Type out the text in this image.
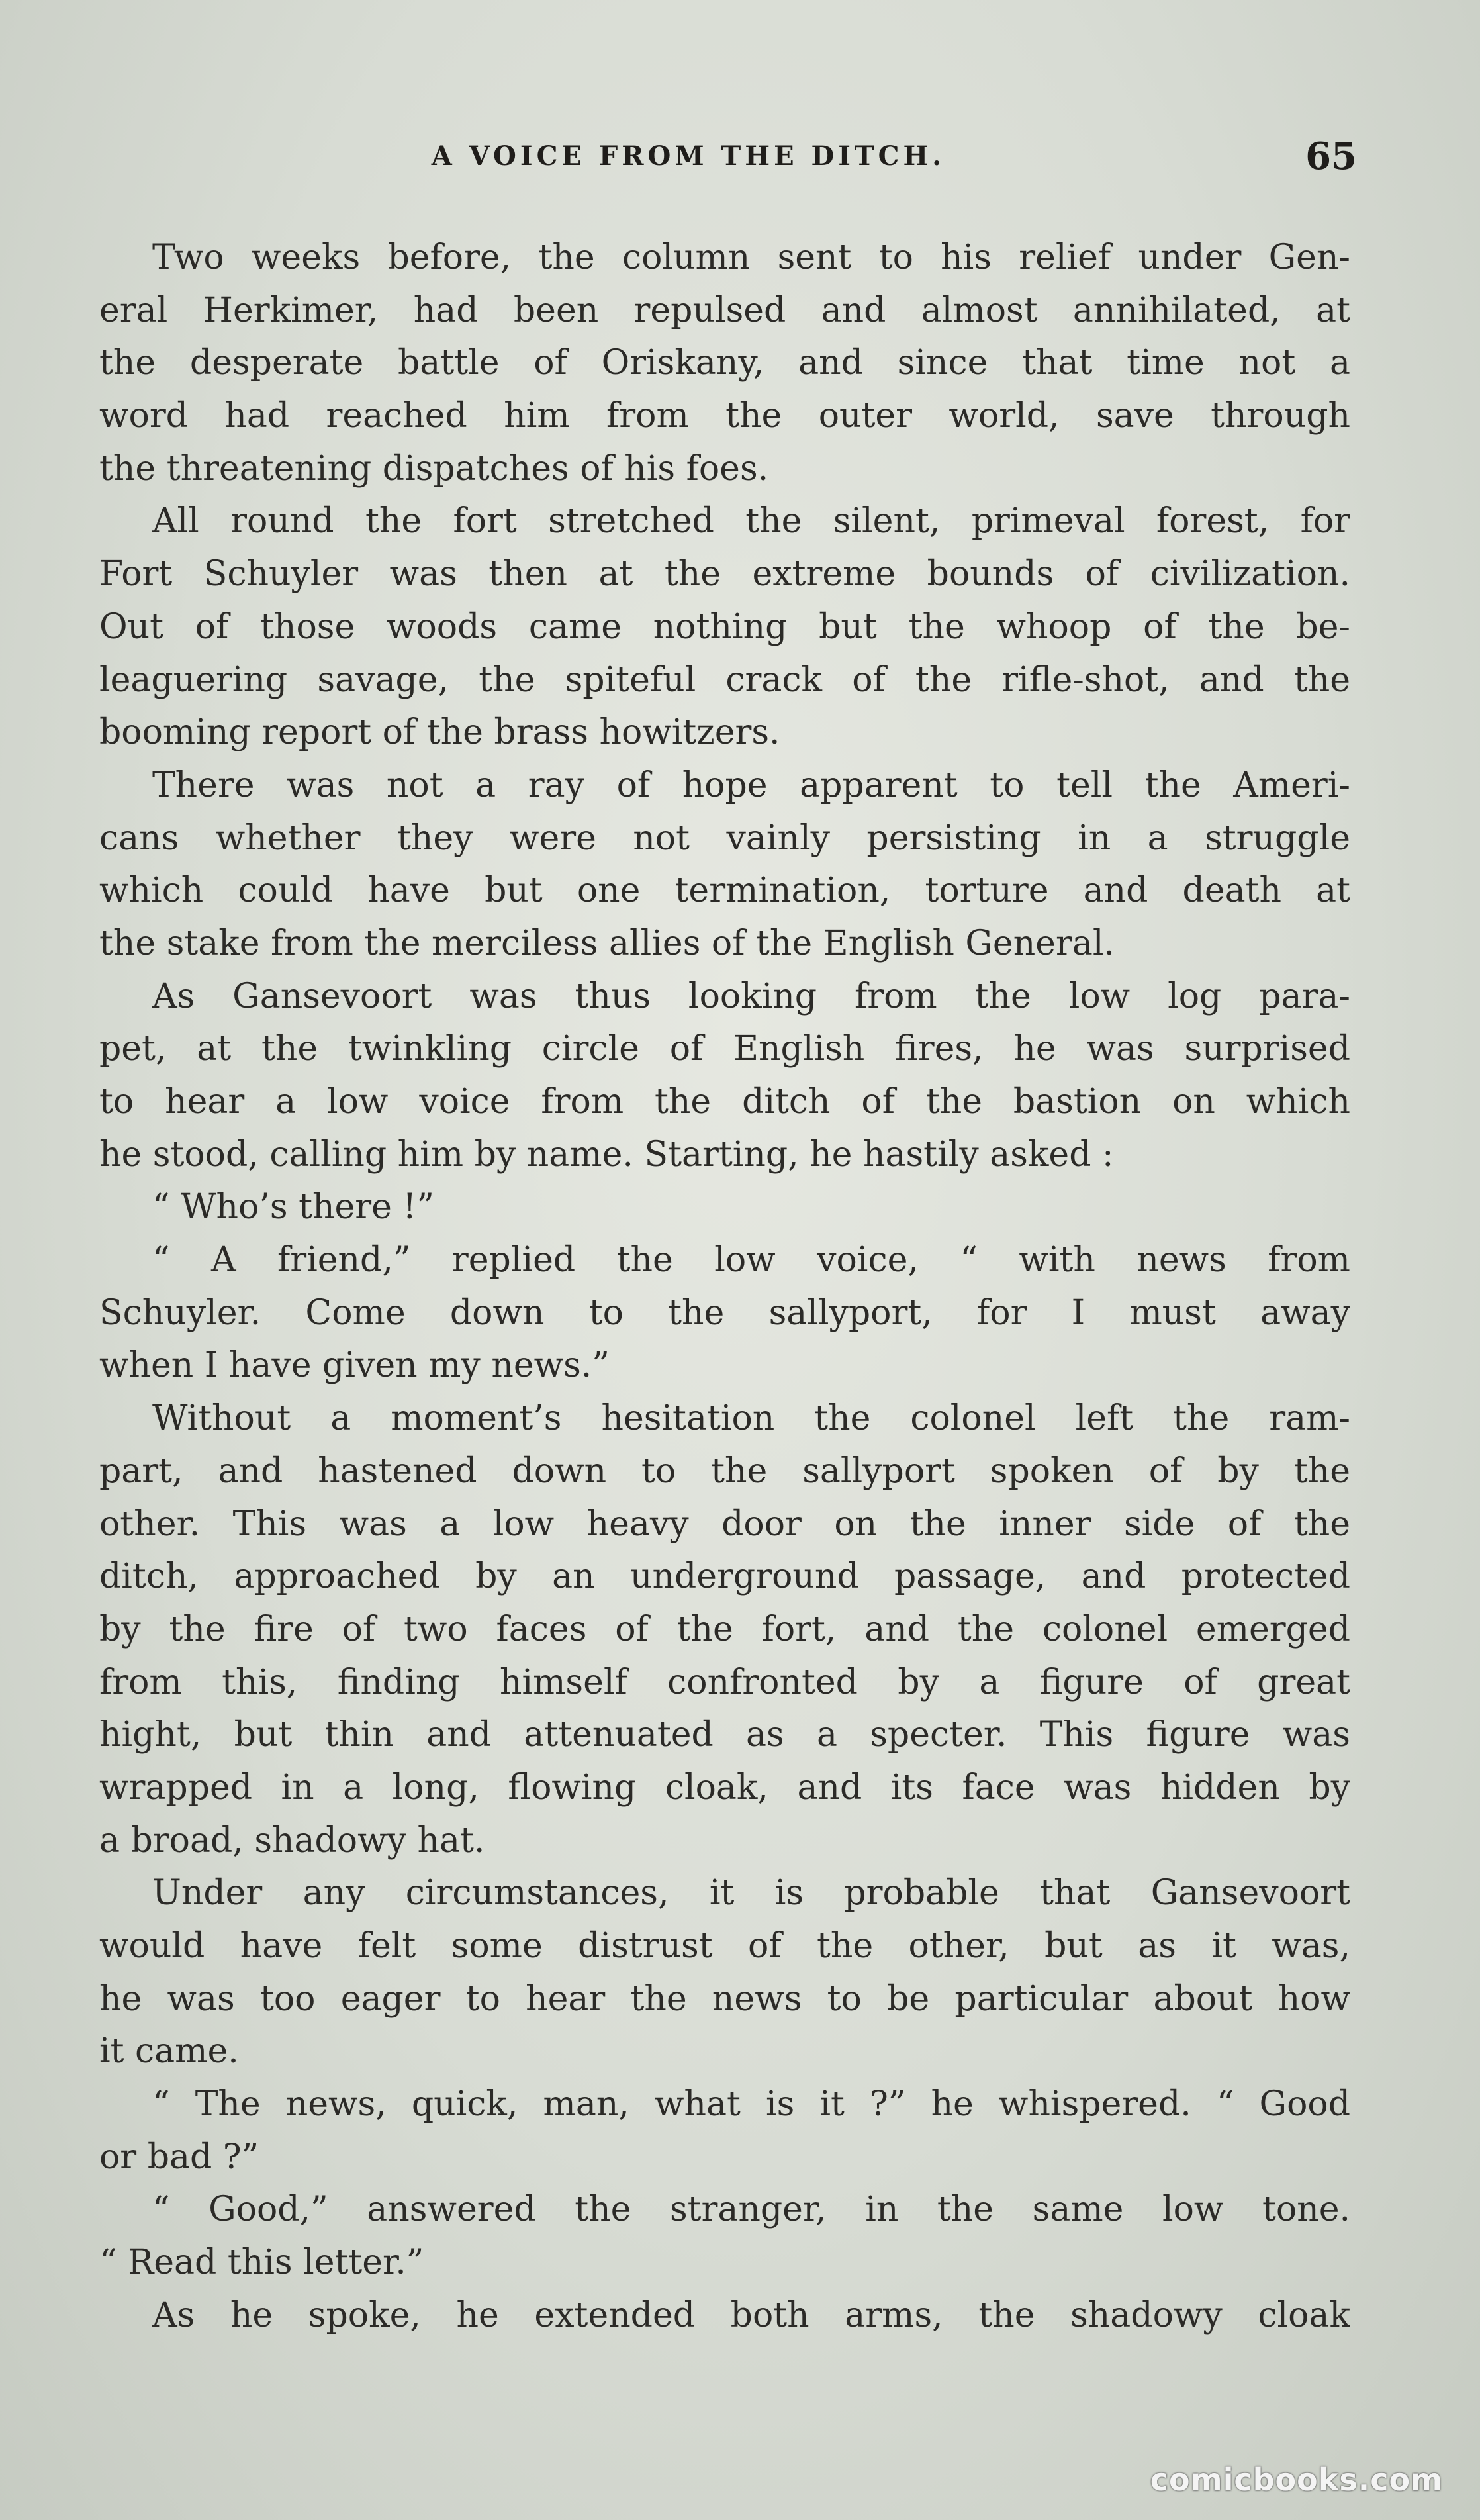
A VOICE FROM THE DITCH.	65
Two weeks before, the column sent to his relief under Gen-
eral Herkimer, had been repulsed and almost annihilated, at
the desperate battle of Oriskany, and since that time not a
word had reached him from the outer world, save through
the threatening dispatches of his foes.
All round the fort stretched the silent, primeval forest, for
Fort Schuyler was then at the extreme bounds of civilization.
Out of those woods came nothing but the whoop of the be-
leaguering savage, the spiteful crack of the rifle-shot, and the
booming report of the brass howitzers.
There was not a ray of hope apparent to tell the Ameri-
cans whether they were not vainly persisting in a struggle
which could have but one termination, torture and death at
the stake from the merciless allies of the English General.
As Gansevoort was thus looking from the low log para-
pet, at the twinkling circle of English fires, he was surprised
to hear a low voice from the ditch of the bastion on which
he stood, calling him by name. Starting, he hastily asked :
“ Who’s there !”
“ A friend,” replied the low voice, “ with news from
Schuyler. Come down to the sallyport, for I must away
when I have given my news.”
Without a moment’s hesitation the colonel left the ram-
part, and hastened down to the sallyport spoken of by the
other. This was a low heavy door on the inner side of the
ditch, approached by an underground passage, and protected
by the fire of two faces of the fort, and the colonel emerged
from this, finding himself confronted by a figure of great
hight, but thin and attenuated as a specter. This figure was
wrapped in a long, flowing cloak, and its face was hidden by
a broad, shadowy hat.
Under any circumstances, it is probable that Gansevoort
would have felt some distrust of the other, but as it was,
he was too eager to hear the news to be particular about how
it came.
“ The news, quick, man, what is it ?” he whispered. “ Good
or bad ?”
“ Good,” answered the stranger, in the same low tone.
“ Read this letter.”
As he spoke, he extended both arms, the shadowy cloak
comicbooks.com
